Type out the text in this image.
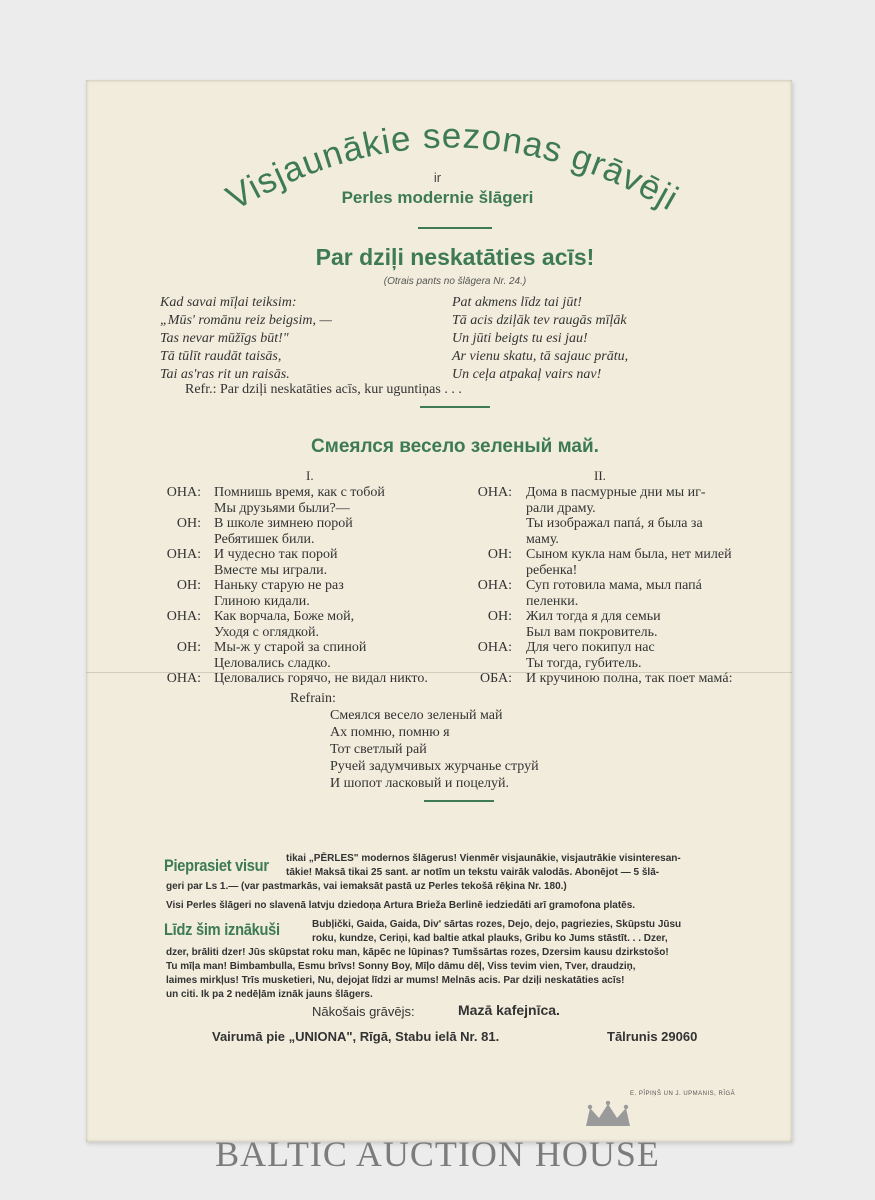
Visjaunākie sezonas grāvēji
ir
Perles modernie šlāgeri
Par dziļi neskatāties acīs!
(Otrais pants no šlāgera Nr. 24.)
Kad savai mīļai teiksim:
„Mūs' romānu reiz beigsim, —
Tas nevar mūžīgs būt!"
Tā tūlīt raudāt taisās,
Tai as'ras rit un raisās.
Pat akmens līdz tai jūt!
Tā acis dziļāk tev raugās mīļāk
Un jūti beigts tu esi jau!
Ar vienu skatu, tā sajauc prātu,
Un ceļa atpakaļ vairs nav!
Refr.: Par dziļi neskatāties acīs, kur uguntiņas . . .
Смеялся весело зеленый май.
I.	II.
ОНА: Помнишь время, как с тобой
Мы друзьями были?—
ОН: В школе зимнею порой
Ребятишек били.
ОНА: И чудесно так порой
Вместе мы играли.
ОН: Наньку старую не раз
Глиною кидали.
ОНА: Как ворчала, Боже мой,
Уходя с оглядкой.
ОН: Мы-ж у старой за спиной
Целовались сладко.
ОНА: Целовались горячо, не видал никто.
ОНА: Дома в пасмурные дни мы иг-
рали драму.
Ты изображал папá, я была за
маму.
ОН: Сыном кукла нам была, нет милей
ребенка!
ОНА: Суп готовила мама, мыл папá
пеленки.
ОН: Жил тогда я для семьи
Был вам покровитель.
ОНА: Для чего покипул нас
Ты тогда, губитель.
ОБА: И кручиною полна, так поет мамá:
Refrain:
Смеялся весело зеленый май
Ах помню, помню я
Тот светлый рай
Ручей задумчивых журчанье струй
И шопот ласковый и поцелуй.
Pieprasiet visur tikai „PĒRLES" modernos šlāgerus! Vienmēr visjaunākie, visjautrākie visinteresan-
tākie! Maksā tikai 25 sant. ar notīm un tekstu vairāk valodās. Abonējot — 5 šlā-
geri par Ls 1.— (var pastmarkās, vai iemaksāt pastā uz Perles tekošā rēķina Nr. 180.)
Visi Perles šlāgeri no slavenā latvju dziedoņa Artura Brieža Berlinē iedziedāti arī gramofona platēs.
Līdz šim iznākuši	Bubļički, Gaida, Gaida, Div' sārtas rozes, Dejo, dejo, pagriezies, Skūpstu Jūsu
roku, kundze, Ceriņi, kad baltie atkal plauks, Gribu ko Jums stāstīt. . . Dzer,
dzer, brāliti dzer! Jūs skūpstat roku man, kāpēc ne lūpinas? Tumšsārtas rozes, Dzersim kausu dzirkstošo!
Tu mīļa man! Bimbambulla, Esmu brīvs! Sonny Boy, Mīļo dāmu dēļ, Viss tevim vien, Tver, draudziņ,
laimes mirkļus! Trīs musketieri, Nu, dejojat līdzi ar mums! Melnās acis. Par dziļi neskatāties acīs!
un citi. Ik pa 2 nedēļām iznāk jauns šlāgers.
Nākošais grāvējs:	Mazā kafejnīca.
Vairumā pie „UNIONA", Rīgā, Stabu ielā Nr. 81.	Tālrunis 29060
E. PĪPIŅŠ UN J. UPMANIS, RĪGĀ
BALTIC AUCTION HOUSE
